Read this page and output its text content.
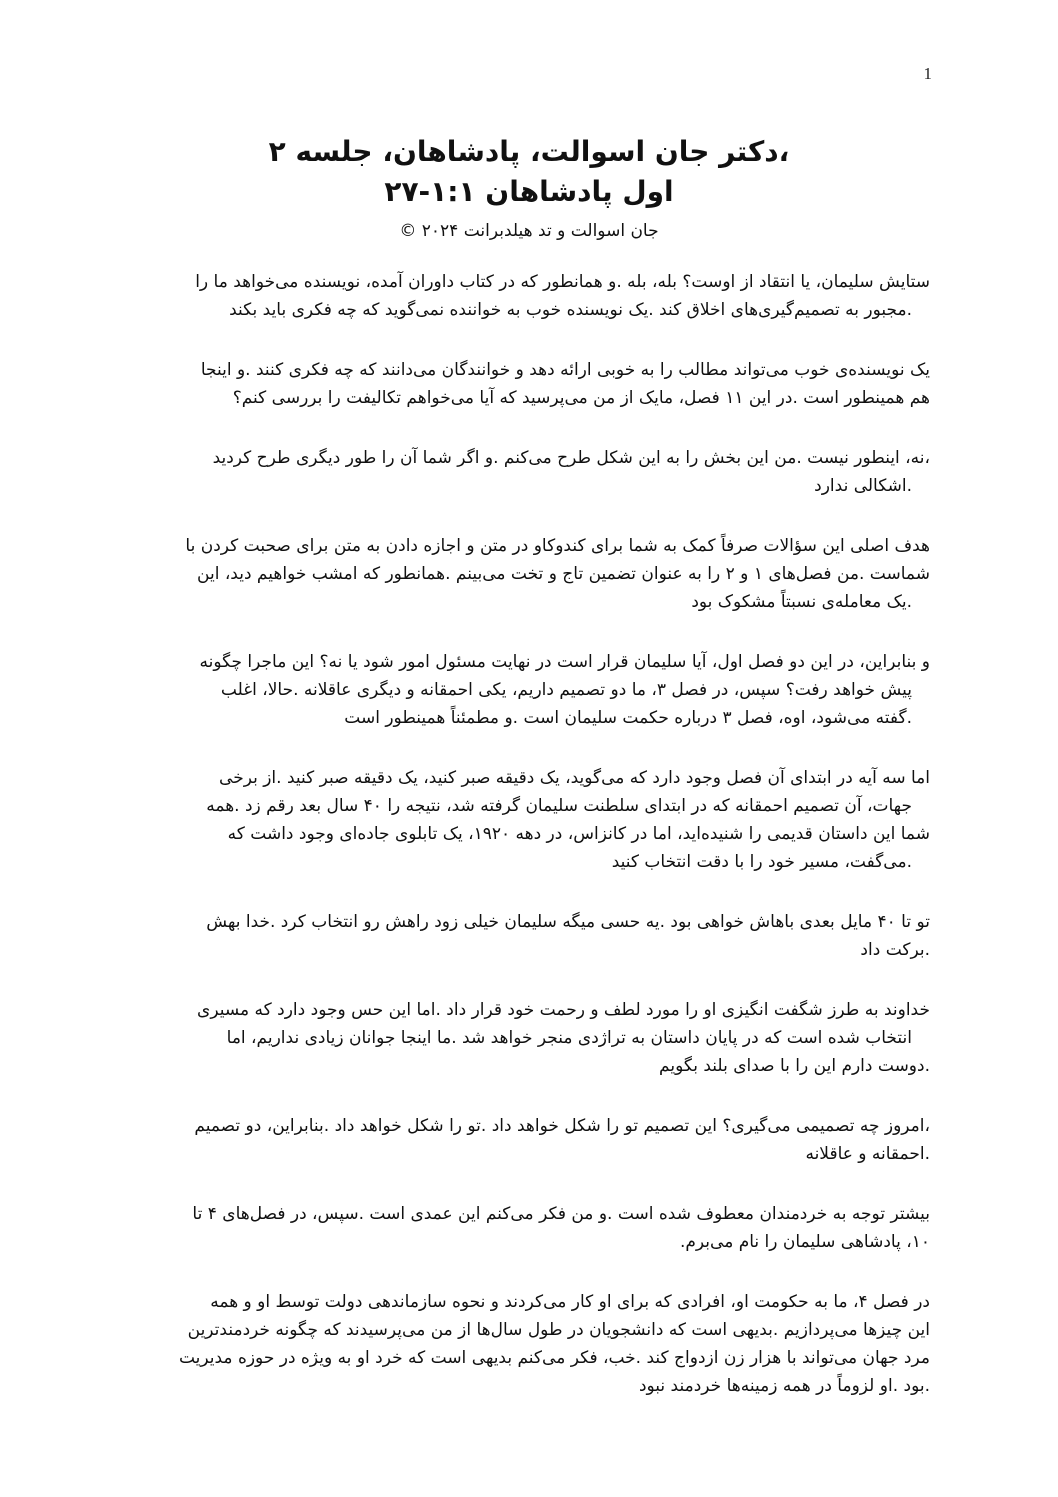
1
،دکتر جان اسوالت، پادشاهان، جلسه ۲
اول پادشاهان ۱:۱-۲۷
جان اسوالت و تد هیلدبرانت ۲۰۲۴ ©

ستایش سلیمان، یا انتقاد از اوست؟ بله، بله .و همانطور که در کتاب داوران آمده، نویسنده می‌خواهد ما را
.مجبور به تصمیم‌گیری‌های اخلاق کند .یک نویسنده خوب به خواننده نمی‌گوید که چه فکری باید بکند

یک نویسنده‌ی خوب می‌تواند مطالب را به خوبی ارائه دهد و خوانندگان می‌دانند که چه فکری کنند .و اینجا
هم همینطور است .در این ۱۱ فصل، مایک از من می‌پرسید که آیا می‌خواهم تکالیفت را بررسی کنم؟

،نه، اینطور نیست .من این بخش را به این شکل طرح می‌کنم .و اگر شما آن را طور دیگری طرح کردید
.اشکالی ندارد

هدف اصلی این سؤالات صرفاً کمک به شما برای کندوکاو در متن و اجازه دادن به متن برای صحبت کردن با
شماست .من فصل‌های ۱ و ۲ را به عنوان تضمین تاج و تخت می‌بینم .همانطور که امشب خواهیم دید، این
.یک معامله‌ی نسبتاً مشکوک بود

و بنابراین، در این دو فصل اول، آیا سلیمان قرار است در نهایت مسئول امور شود یا نه؟ این ماجرا چگونه
پیش خواهد رفت؟ سپس، در فصل ۳، ما دو تصمیم داریم، یکی احمقانه و دیگری عاقلانه .حالا، اغلب
.گفته می‌شود، اوه، فصل ۳ درباره حکمت سلیمان است .و مطمئناً همینطور است

اما سه آیه در ابتدای آن فصل وجود دارد که می‌گوید، یک دقیقه صبر کنید، یک دقیقه صبر کنید .از برخی
جهات، آن تصمیم احمقانه که در ابتدای سلطنت سلیمان گرفته شد، نتیجه را ۴۰ سال بعد رقم زد .همه
شما این داستان قدیمی را شنیده‌اید، اما در کانزاس، در دهه ۱۹۲۰، یک تابلوی جاده‌ای وجود داشت که
.می‌گفت، مسیر خود را با دقت انتخاب کنید

تو تا ۴۰ مایل بعدی باهاش خواهی بود .یه حسی میگه سلیمان خیلی زود راهش رو انتخاب کرد .خدا بهش
.برکت داد

خداوند به طرز شگفت انگیزی او را مورد لطف و رحمت خود قرار داد .اما این حس وجود دارد که مسیری
انتخاب شده است که در پایان داستان به تراژدی منجر خواهد شد .ما اینجا جوانان زیادی نداریم، اما
.دوست دارم این را با صدای بلند بگویم

،امروز چه تصمیمی می‌گیری؟ این تصمیم تو را شکل خواهد داد .تو را شکل خواهد داد .بنابراین، دو تصمیم
.احمقانه و عاقلانه

بیشتر توجه به خردمندان معطوف شده است .و من فکر می‌کنم این عمدی است .سپس، در فصل‌های ۴ تا
۱۰، پادشاهی سلیمان را نام می‌برم.

در فصل ۴، ما به حکومت او، افرادی که برای او کار می‌کردند و نحوه سازماندهی دولت توسط او و همه
این چیزها می‌پردازیم .بدیهی است که دانشجویان در طول سال‌ها از من می‌پرسیدند که چگونه خردمندترین
مرد جهان می‌تواند با هزار زن ازدواج کند .خب، فکر می‌کنم بدیهی است که خرد او به ویژه در حوزه مدیریت
.بود .او لزوماً در همه زمینه‌ها خردمند نبود
